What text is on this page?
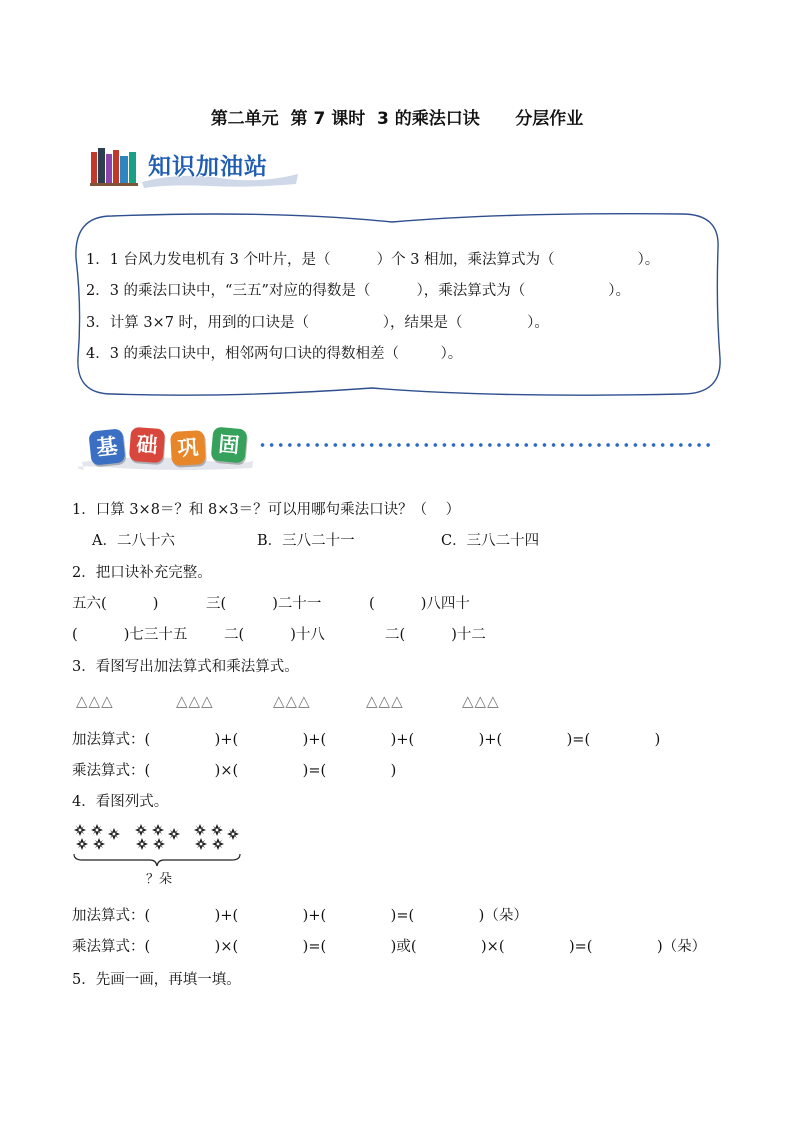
第二单元  第 7 课时  3 的乘法口诀      分层作业
知识加油站
1．1 台风力发电机有 3 个叶片，是（          ）个 3 相加，乘法算式为（                  ）。
2．3 的乘法口诀中，“三五”对应的得数是（          ），乘法算式为（                  ）。
3．计算 3×7 时，用到的口诀是（                ），结果是（              ）。
4．3 的乘法口诀中，相邻两句口诀的得数相差（         ）。
基 础 巩 固
1．口算 3×8＝？和 8×3＝？可以用哪句乘法口诀？（    ）
A．二八十六	B．三八二十一	C．三八二十四
2．把口诀补充完整。
五六(          )	三(          )二十一	(          )八四十
(          )七三十五	二(          )十八	二(          )十二
3．看图写出加法算式和乘法算式。
△△△	△△△	△△△	△△△	△△△
加法算式：(              )+(              )+(              )+(              )+(              )=(              )
乘法算式：(              )×(              )=(              )
4．看图列式。
？朵
加法算式：(              )+(              )+(              )=(              )（朵）
乘法算式：(              )×(              )=(              )或(              )×(              )=(              )（朵）
5．先画一画，再填一填。
